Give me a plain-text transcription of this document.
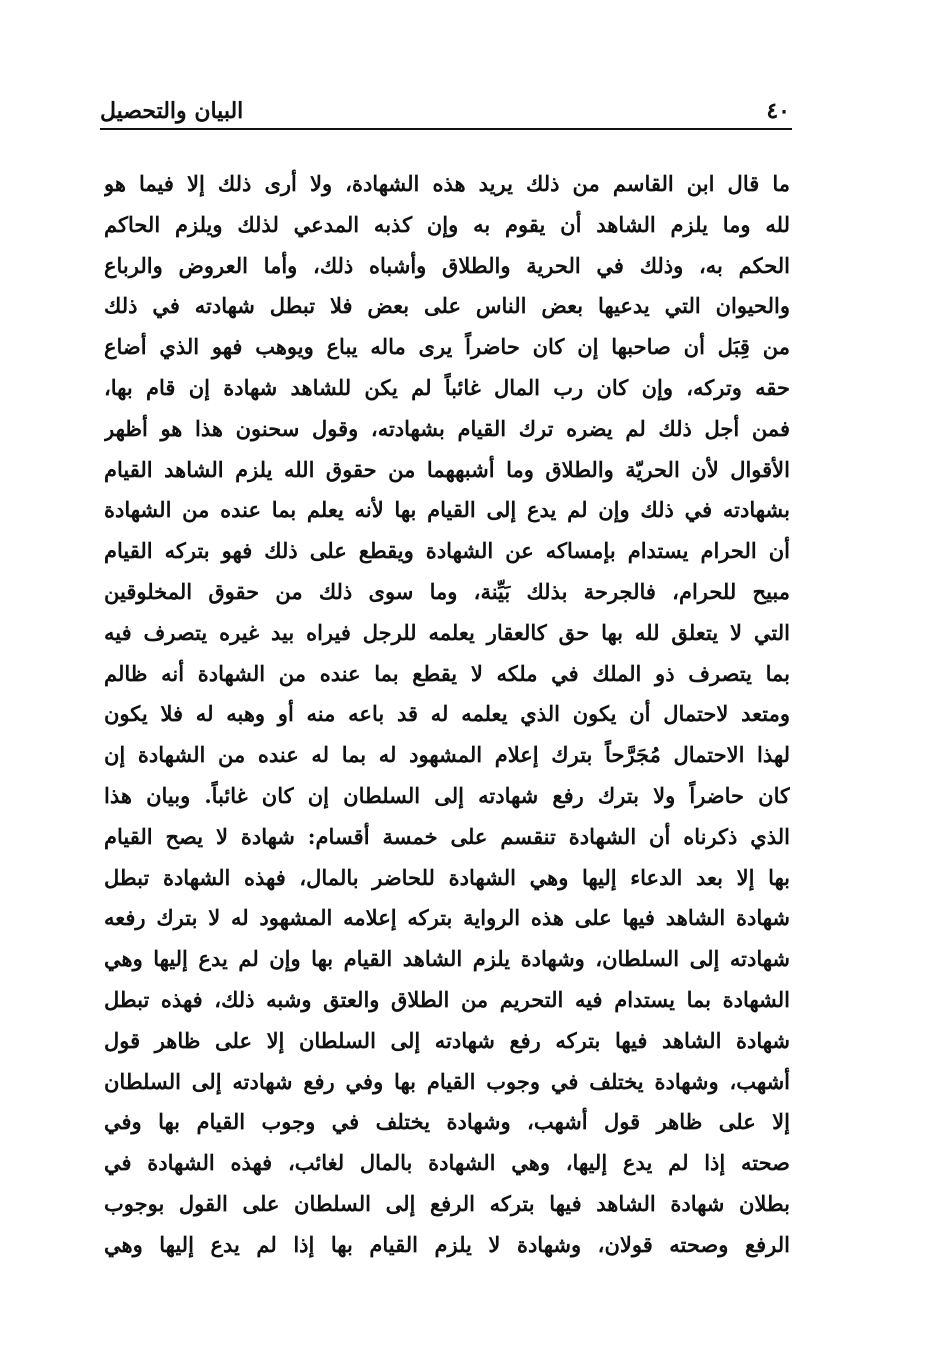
٤٠
البيان والتحصيل
ما قال ابن القاسم من ذلك يريد هذه الشهادة، ولا أرى ذلك إلا فيما هو
لله وما يلزم الشاهد أن يقوم به وإن كذبه المدعي لذلك ويلزم الحاكم
الحكم به، وذلك في الحرية والطلاق وأشباه ذلك، وأما العروض والرباع
والحيوان التي يدعيها بعض الناس على بعض فلا تبطل شهادته في ذلك
من قِبَل أن صاحبها إن كان حاضراً يرى ماله يباع ويوهب فهو الذي أضاع
حقه وتركه، وإن كان رب المال غائباً لم يكن للشاهد شهادة إن قام بها،
فمن أجل ذلك لم يضره ترك القيام بشهادته، وقول سحنون هذا هو أظهر
الأقوال لأن الحريّة والطلاق وما أشبههما من حقوق الله يلزم الشاهد القيام
بشهادته في ذلك وإن لم يدع إلى القيام بها لأنه يعلم بما عنده من الشهادة
أن الحرام يستدام بإمساكه عن الشهادة ويقطع على ذلك فهو بتركه القيام
مبيح للحرام، فالجرحة بذلك بَيِّنة، وما سوى ذلك من حقوق المخلوقين
التي لا يتعلق لله بها حق كالعقار يعلمه للرجل فيراه بيد غيره يتصرف فيه
بما يتصرف ذو الملك في ملكه لا يقطع بما عنده من الشهادة أنه ظالم
ومتعد لاحتمال أن يكون الذي يعلمه له قد باعه منه أو وهبه له فلا يكون
لهذا الاحتمال مُجَرَّحاً بترك إعلام المشهود له بما له عنده من الشهادة إن
كان حاضراً ولا بترك رفع شهادته إلى السلطان إن كان غائباً. وبيان هذا
الذي ذكرناه أن الشهادة تنقسم على خمسة أقسام: شهادة لا يصح القيام
بها إلا بعد الدعاء إليها وهي الشهادة للحاضر بالمال، فهذه الشهادة تبطل
شهادة الشاهد فيها على هذه الرواية بتركه إعلامه المشهود له لا بترك رفعه
شهادته إلى السلطان، وشهادة يلزم الشاهد القيام بها وإن لم يدع إليها وهي
الشهادة بما يستدام فيه التحريم من الطلاق والعتق وشبه ذلك، فهذه تبطل
شهادة الشاهد فيها بتركه رفع شهادته إلى السلطان إلا على ظاهر قول
أشهب، وشهادة يختلف في وجوب القيام بها وفي رفع شهادته إلى السلطان
إلا على ظاهر قول أشهب، وشهادة يختلف في وجوب القيام بها وفي
صحته إذا لم يدع إليها، وهي الشهادة بالمال لغائب، فهذه الشهادة في
بطلان شهادة الشاهد فيها بتركه الرفع إلى السلطان على القول بوجوب
الرفع وصحته قولان، وشهادة لا يلزم القيام بها إذا لم يدع إليها وهي
